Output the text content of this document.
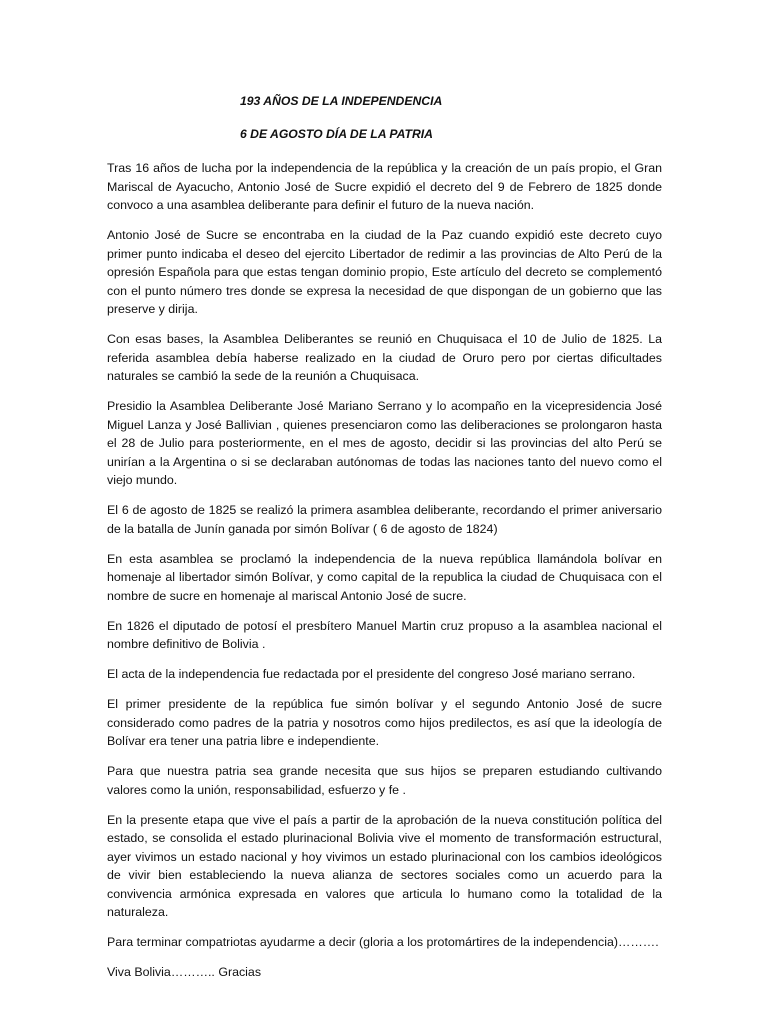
193 AÑOS DE LA INDEPENDENCIA
6 DE AGOSTO DÍA DE LA PATRIA

Tras 16 años de lucha por la independencia de la república y la creación de un país propio, el Gran Mariscal de Ayacucho, Antonio José de Sucre expidió el decreto del 9 de Febrero de 1825 donde convoco a una asamblea deliberante para definir el futuro de la nueva nación.

Antonio José de Sucre se encontraba en la ciudad de la Paz cuando expidió este decreto cuyo primer punto indicaba el deseo del ejercito Libertador de redimir a las provincias de Alto Perú de la opresión Española para que estas tengan dominio propio, Este artículo del decreto se complementó con el punto número tres donde se expresa la necesidad de que dispongan de un gobierno que las preserve y dirija.

Con esas bases, la Asamblea Deliberantes se reunió en Chuquisaca el 10 de Julio de 1825. La referida asamblea debía haberse realizado en la ciudad de Oruro pero por ciertas dificultades naturales se cambió la sede de la reunión a Chuquisaca.

Presidio la Asamblea Deliberante José Mariano Serrano y lo acompaño en la vicepresidencia José Miguel Lanza y José Ballivian , quienes presenciaron como las deliberaciones se prolongaron hasta el 28 de Julio para posteriormente, en el mes de agosto, decidir si las provincias del alto Perú se unirían a la Argentina o si se declaraban autónomas de todas las naciones tanto del nuevo como el viejo mundo.

El 6 de agosto de 1825 se realizó la primera asamblea deliberante, recordando el primer aniversario de la batalla de Junín ganada por simón Bolívar ( 6 de agosto de 1824)

En esta asamblea se proclamó la independencia de la nueva república llamándola bolívar en homenaje al libertador simón Bolívar, y como capital de la republica la ciudad de Chuquisaca con el nombre de sucre en homenaje al mariscal Antonio José de sucre.

En 1826 el diputado de potosí el presbítero Manuel Martin cruz propuso a la asamblea nacional el nombre definitivo de Bolivia .

El acta de la independencia fue redactada por el presidente del congreso José mariano serrano.

El primer presidente de la república fue simón bolívar y el segundo Antonio José de sucre considerado como padres de la patria y nosotros como hijos predilectos, es así que la ideología de Bolívar era tener una patria libre e independiente.

Para que nuestra patria sea grande necesita que sus hijos se preparen estudiando cultivando valores como la unión, responsabilidad, esfuerzo y fe .

En la presente etapa que vive el país a partir de la aprobación de la nueva constitución política del estado, se consolida el estado plurinacional Bolivia vive el momento de transformación estructural, ayer vivimos un estado nacional y hoy vivimos un estado plurinacional con los cambios ideológicos de vivir bien estableciendo la nueva alianza de sectores sociales como un acuerdo para la convivencia armónica expresada en valores que articula lo humano como la totalidad de la naturaleza.

Para terminar compatriotas ayudarme a decir (gloria a los protomártires de la independencia)……….

Viva Bolivia……….. Gracias
